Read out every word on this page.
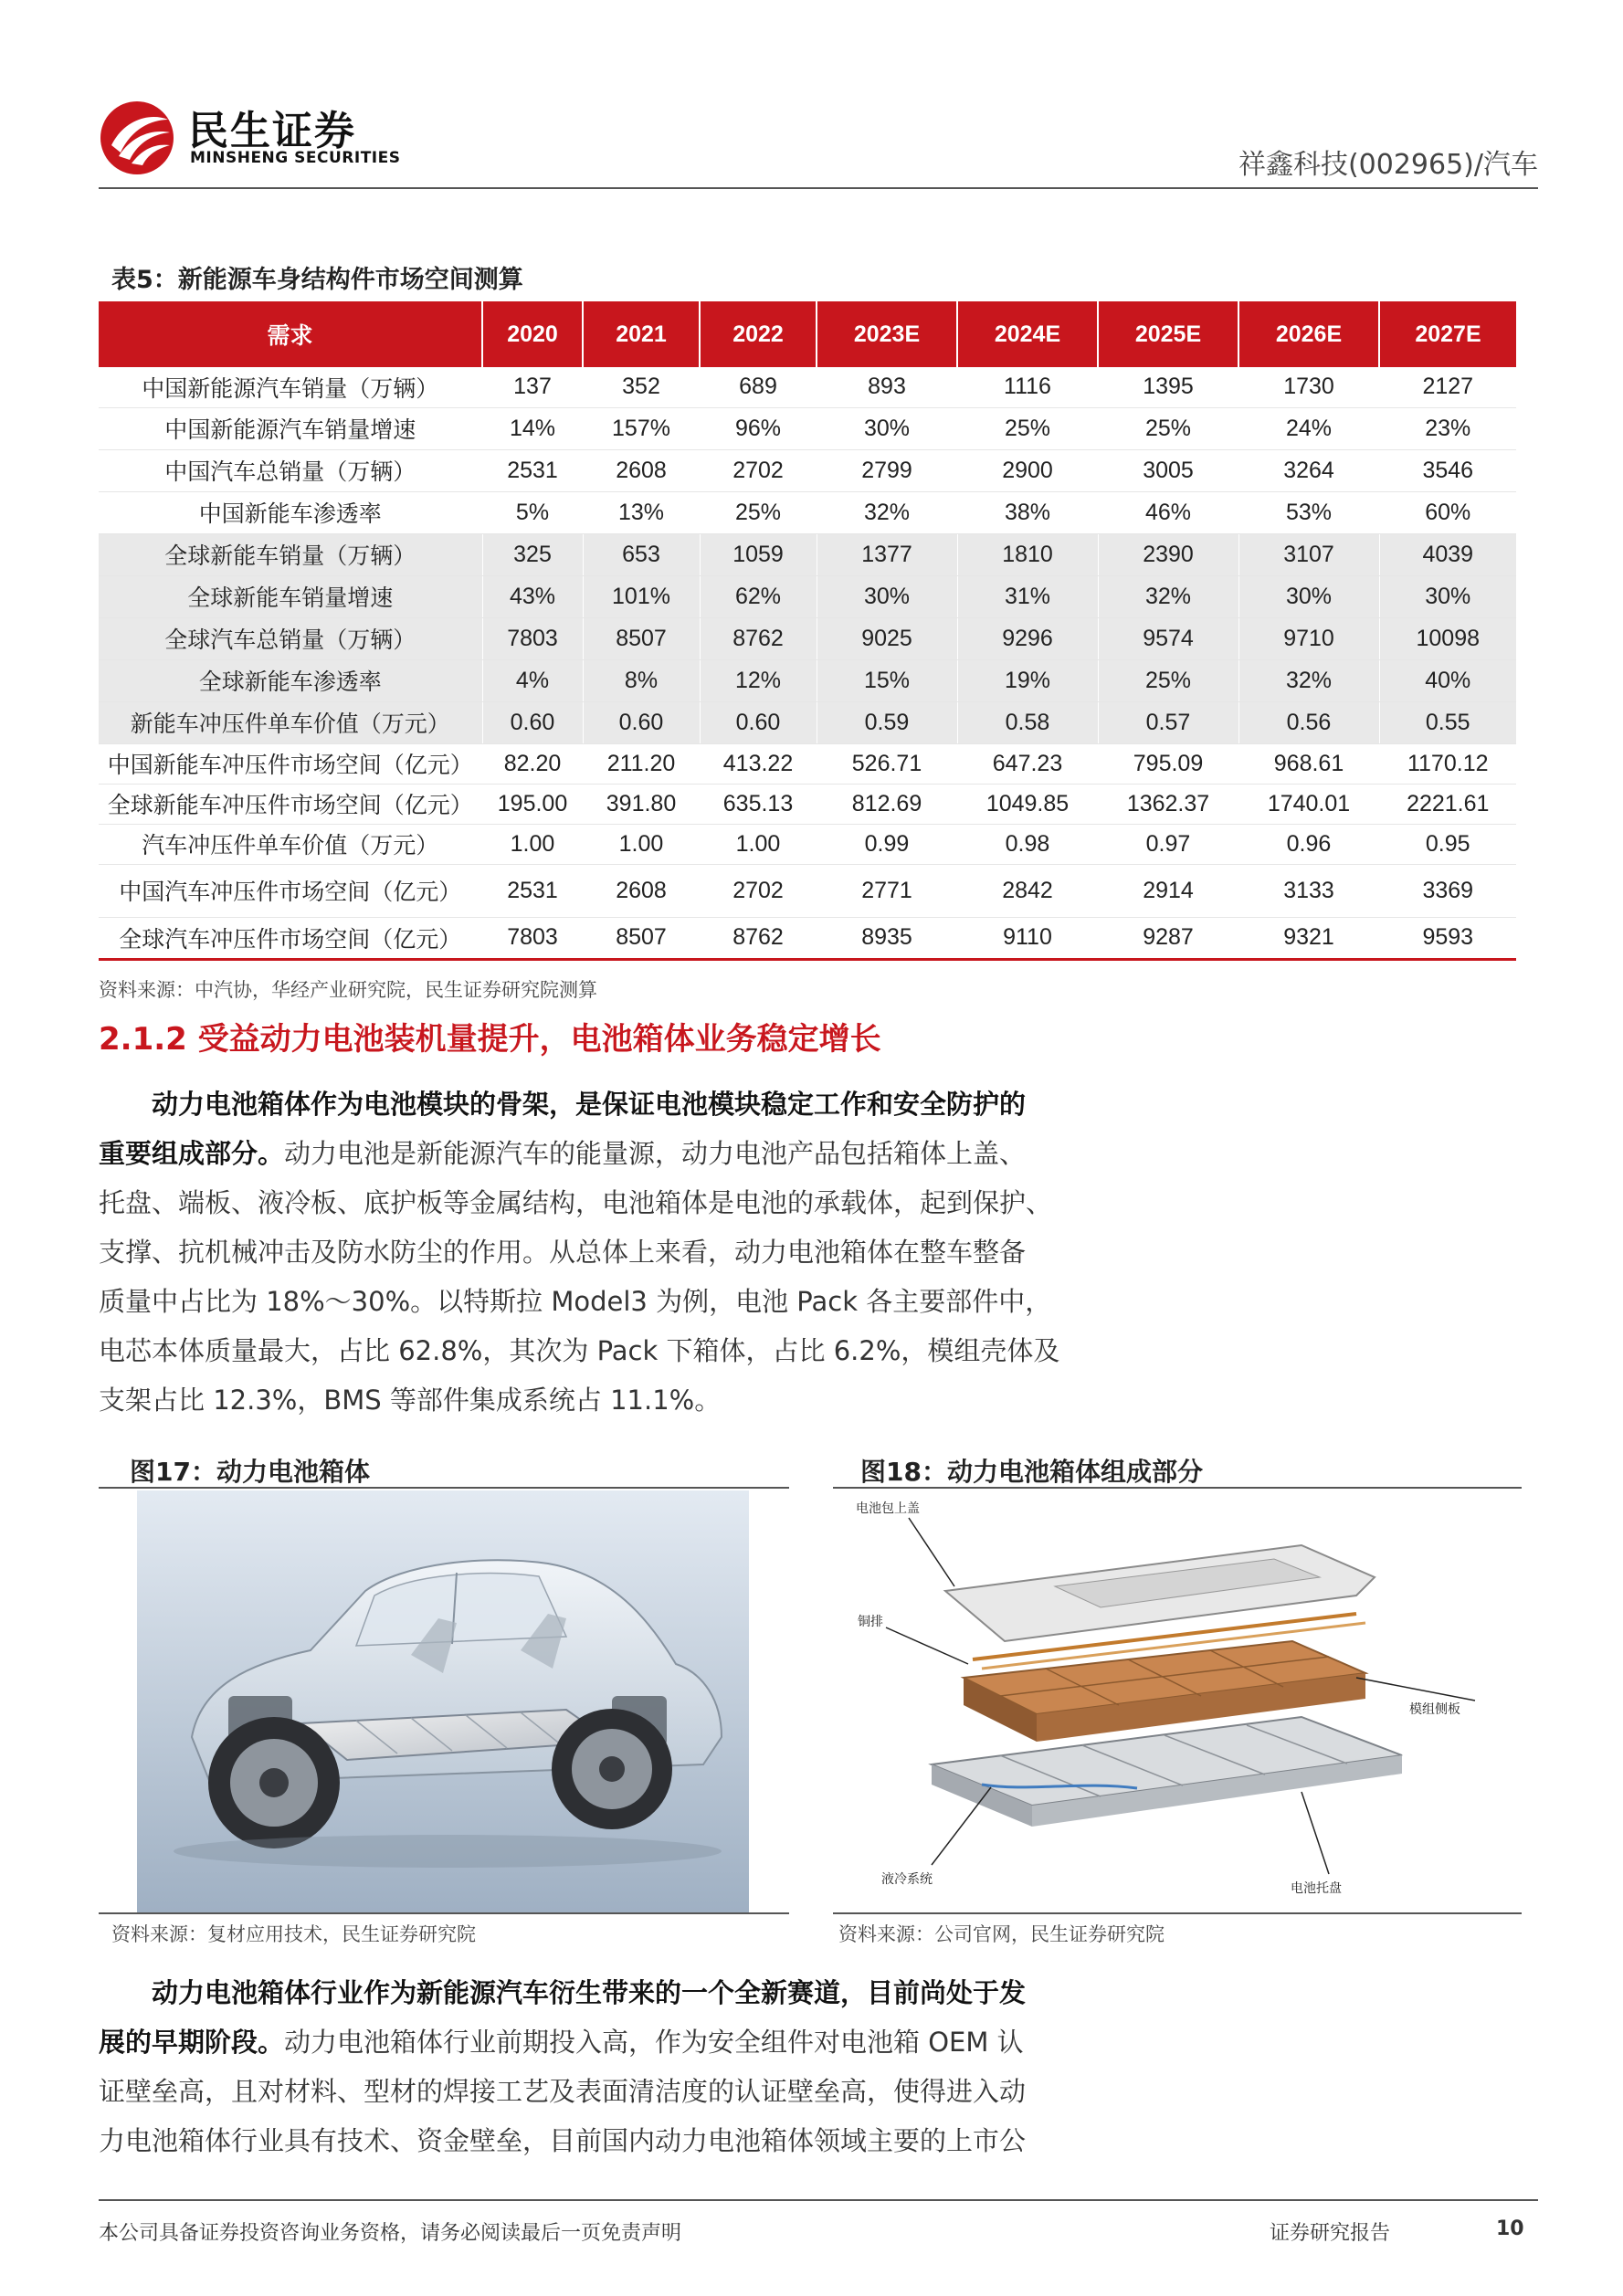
民生证券
MINSHENG SECURITIES	祥鑫科技(002965)/汽车
表5：新能源车身结构件市场空间测算
需求	2020	2021	2022	2023E	2024E	2025E	2026E	2027E
中国新能源汽车销量（万辆）	137	352	689	893	1116	1395	1730	2127
中国新能源汽车销量增速	14%	157%	96%	30%	25%	25%	24%	23%
中国汽车总销量（万辆）	2531	2608	2702	2799	2900	3005	3264	3546
中国新能车渗透率	5%	13%	25%	32%	38%	46%	53%	60%
全球新能车销量（万辆）	325	653	1059	1377	1810	2390	3107	4039
全球新能车销量增速	43%	101%	62%	30%	31%	32%	30%	30%
全球汽车总销量（万辆）	7803	8507	8762	9025	9296	9574	9710	10098
全球新能车渗透率	4%	8%	12%	15%	19%	25%	32%	40%
新能车冲压件单车价值（万元）	0.60	0.60	0.60	0.59	0.58	0.57	0.56	0.55
中国新能车冲压件市场空间（亿元）	82.20	211.20	413.22	526.71	647.23	795.09	968.61	1170.12
全球新能车冲压件市场空间（亿元）	195.00	391.80	635.13	812.69	1049.85	1362.37	1740.01	2221.61
汽车冲压件单车价值（万元）	1.00	1.00	1.00	0.99	0.98	0.97	0.96	0.95
中国汽车冲压件市场空间（亿元）	2531	2608	2702	2771	2842	2914	3133	3369
全球汽车冲压件市场空间（亿元）	7803	8507	8762	8935	9110	9287	9321	9593
资料来源：中汽协，华经产业研究院，民生证券研究院测算
2.1.2 受益动力电池装机量提升，电池箱体业务稳定增长
动力电池箱体作为电池模块的骨架，是保证电池模块稳定工作和安全防护的
重要组成部分。动力电池是新能源汽车的能量源，动力电池产品包括箱体上盖、
托盘、端板、液冷板、底护板等金属结构，电池箱体是电池的承载体，起到保护、
支撑、抗机械冲击及防水防尘的作用。从总体上来看，动力电池箱体在整车整备
质量中占比为 18%～30%。以特斯拉 Model3 为例，电池 Pack 各主要部件中，
电芯本体质量最大，占比 62.8%，其次为 Pack 下箱体，占比 6.2%，模组壳体及
支架占比 12.3%，BMS 等部件集成系统占 11.1%。
图17：动力电池箱体
资料来源：复材应用技术，民生证券研究院
图18：动力电池箱体组成部分
电池包上盖
铜排
模组侧板
液冷系统
电池托盘
资料来源：公司官网，民生证券研究院
动力电池箱体行业作为新能源汽车衍生带来的一个全新赛道，目前尚处于发
展的早期阶段。动力电池箱体行业前期投入高，作为安全组件对电池箱 OEM 认
证壁垒高，且对材料、型材的焊接工艺及表面清洁度的认证壁垒高，使得进入动
力电池箱体行业具有技术、资金壁垒，目前国内动力电池箱体领域主要的上市公
本公司具备证券投资咨询业务资格，请务必阅读最后一页免责声明	证券研究报告	10
